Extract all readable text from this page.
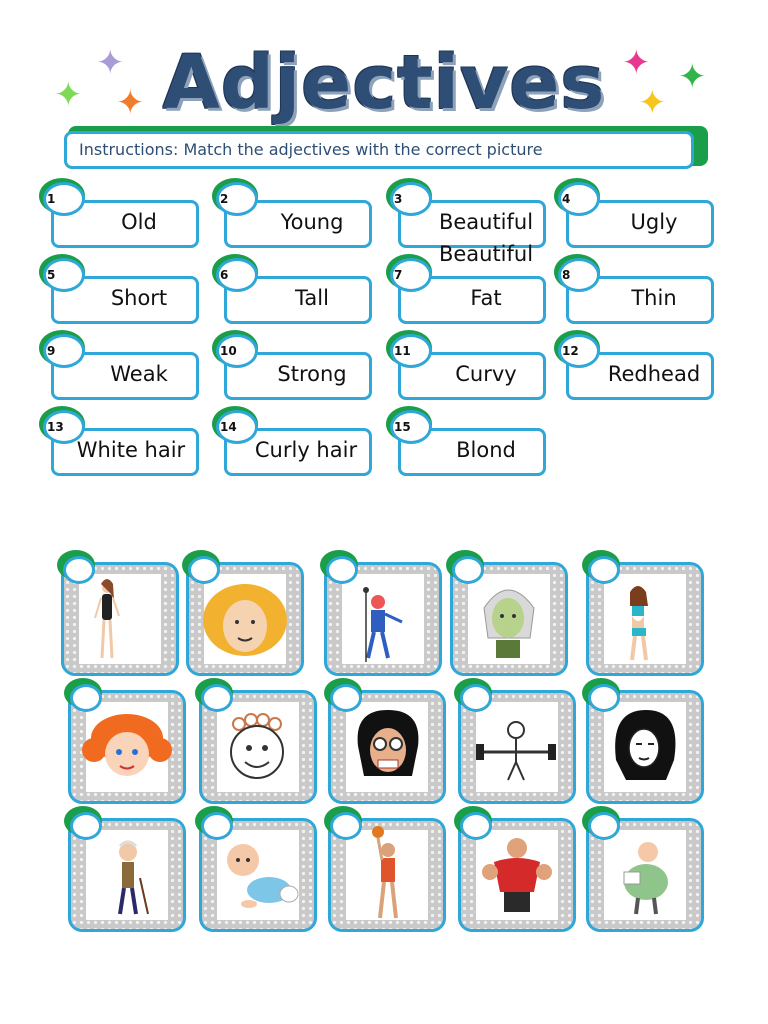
Adjectives
✦
✦ ✦
✦ ✦
✦
Instructions: Match the adjectives with the correct picture
1
Old
2
Young
3
Beautiful
Beautiful
4
Ugly
5
Short
6
Tall
7
Fat
8
Thin
9
Weak
10
Strong
11
Curvy
12
Redhead
13
White hair
14
Curly hair
15
Blond
